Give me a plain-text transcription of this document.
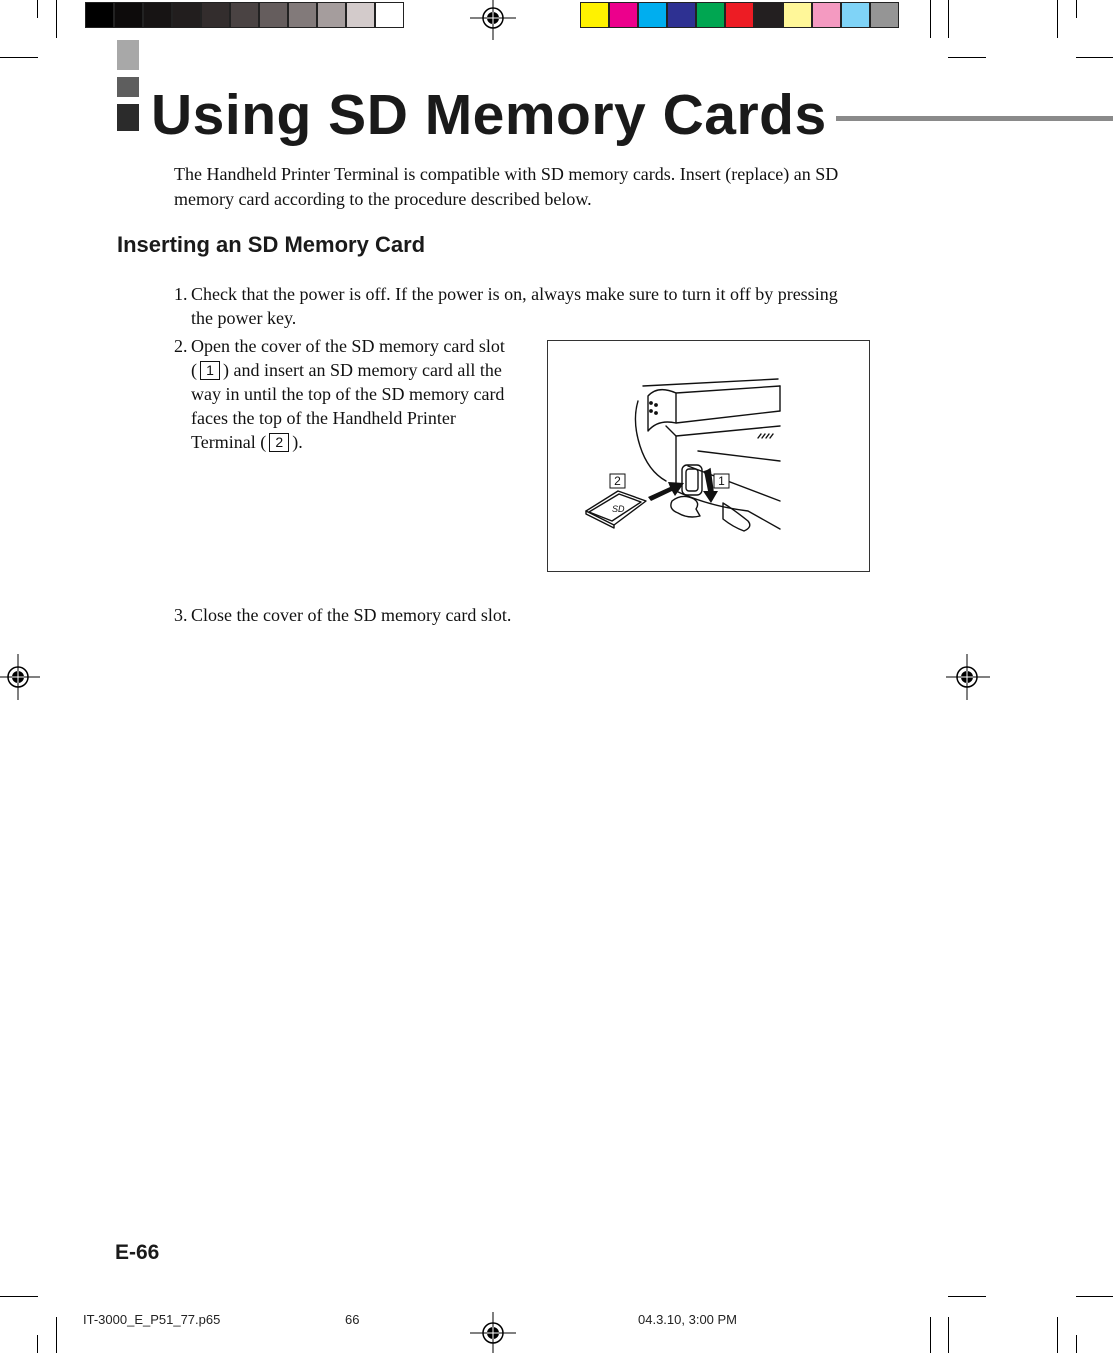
Using SD Memory Cards
The Handheld Printer Terminal is compatible with SD memory cards. Insert (replace) an SD memory card according to the procedure described below.
Inserting an SD Memory Card
1. Check that the power is off. If the power is on, always make sure to turn it off by pressing the power key.
2. Open the cover of the SD memory card slot ( 1 ) and insert an SD memory card all the way in until the top of the SD memory card faces the top of the Handheld Printer Terminal ( 2 ).
3. Close the cover of the SD memory card slot.
SD
2	1
E-66
IT-3000_E_P51_77.p65	66	04.3.10, 3:00 PM
